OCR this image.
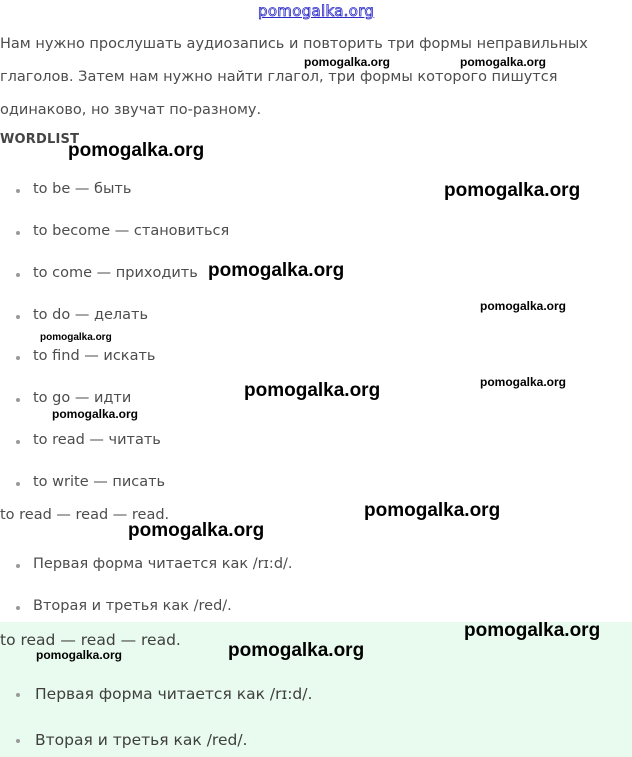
pomogalka.org
Нам нужно прослушать аудиозапись и повторить три формы неправильных глаголов. Затем нам нужно найти глагол, три формы которого пишутся одинаково, но звучат по-разному.
WORDLIST
to be — быть
to become — становиться
to come — приходить
to do — делать
to find — искать
to go — идти
to read — читать
to write — писать
to read — read — read.
Первая форма читается как /rɪ:d/.
Вторая и третья как /red/.
to read — read — read.
Первая форма читается как /rɪ:d/.
Вторая и третья как /red/.
pomogalka.org	pomogalka.org
pomogalka.org
pomogalka.org
pomogalka.org
pomogalka.org
pomogalka.org
pomogalka.org	pomogalka.org
pomogalka.org
pomogalka.org
pomogalka.org
pomogalka.org
pomogalka.org
pomogalka.org
